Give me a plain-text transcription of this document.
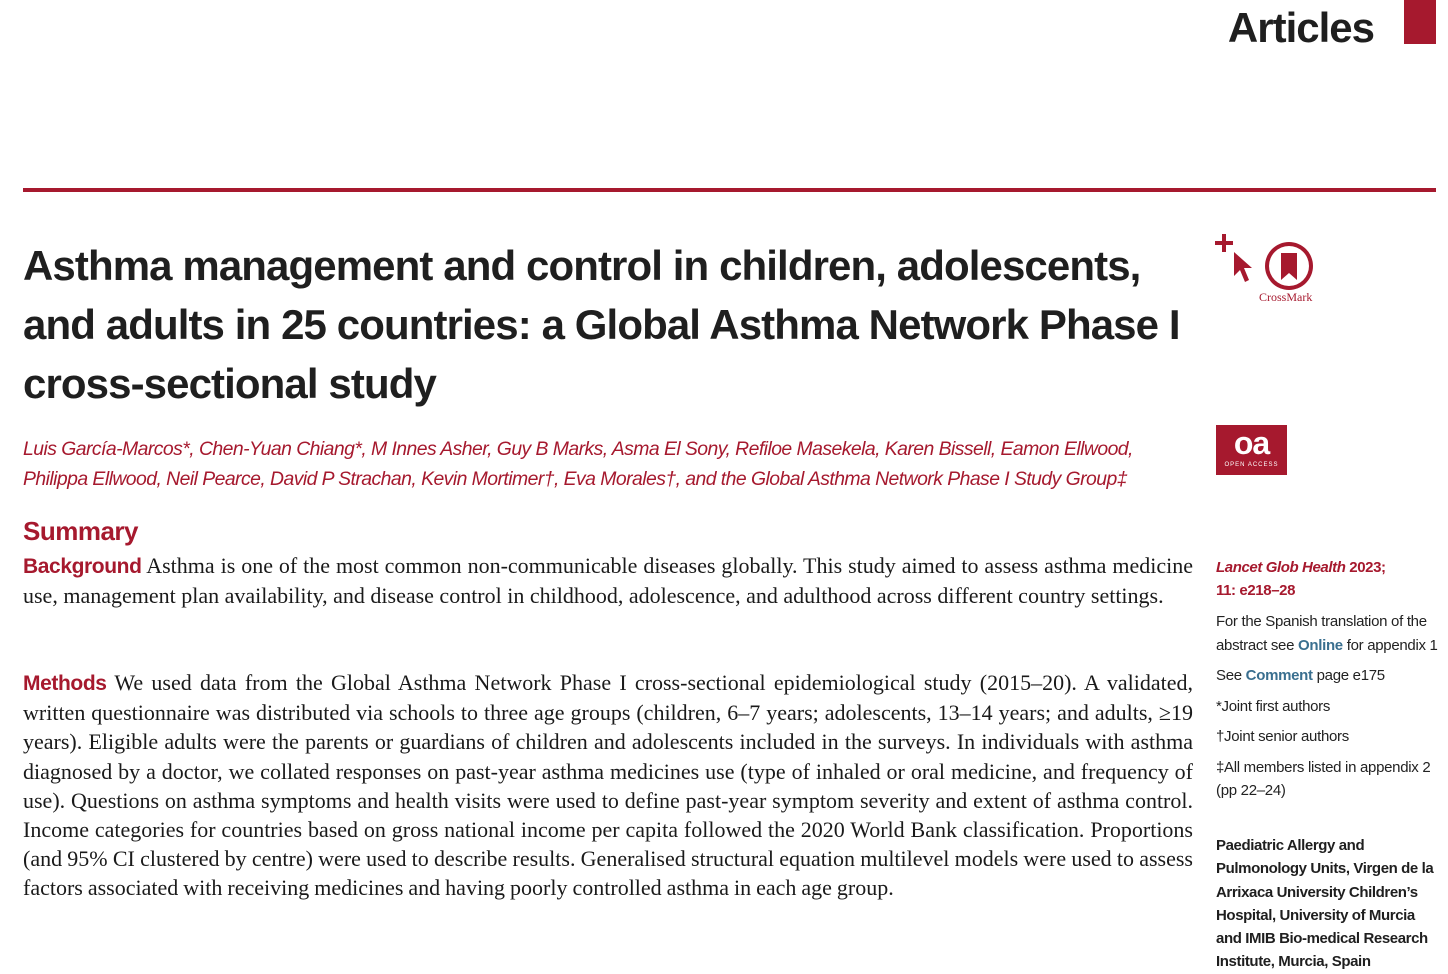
Articles
Asthma management and control in children, adolescents, and adults in 25 countries: a Global Asthma Network Phase I cross-sectional study
CrossMark
oa
OPEN ACCESS

Luis García-Marcos*, Chen-Yuan Chiang*, M Innes Asher, Guy B Marks, Asma El Sony, Refiloe Masekela, Karen Bissell, Eamon Ellwood, Philippa Ellwood, Neil Pearce, David P Strachan, Kevin Mortimer†, Eva Morales†, and the Global Asthma Network Phase I Study Group‡

Summary

Background Asthma is one of the most common non-communicable diseases globally. This study aimed to assess asthma medicine use, management plan availability, and disease control in childhood, adolescence, and adulthood across different country settings.

Methods We used data from the Global Asthma Network Phase I cross-sectional epidemiological study (2015–20). A validated, written questionnaire was distributed via schools to three age groups (children, 6–7 years; adolescents, 13–14 years; and adults, ≥19 years). Eligible adults were the parents or guardians of children and adolescents included in the surveys. In individuals with asthma diagnosed by a doctor, we collated responses on past-year asthma medicines use (type of inhaled or oral medicine, and frequency of use). Questions on asthma symptoms and health visits were used to define past-year symptom severity and extent of asthma control. Income categories for countries based on gross national income per capita followed the 2020 World Bank classification. Proportions (and 95% CI clustered by centre) were used to describe results. Generalised structural equation multilevel models were used to assess factors associated with receiving medicines and having poorly controlled asthma in each age group.

Lancet Glob Health 2023;
11: e218–28

For the Spanish translation of the abstract see Online for appendix 1

See Comment page e175

*Joint first authors

†Joint senior authors

‡All members listed in appendix 2 (pp 22–24)

Paediatric Allergy and Pulmonology Units, Virgen de la Arrixaca University Children’s Hospital, University of Murcia and IMIB Bio-medical Research Institute, Murcia, Spain
